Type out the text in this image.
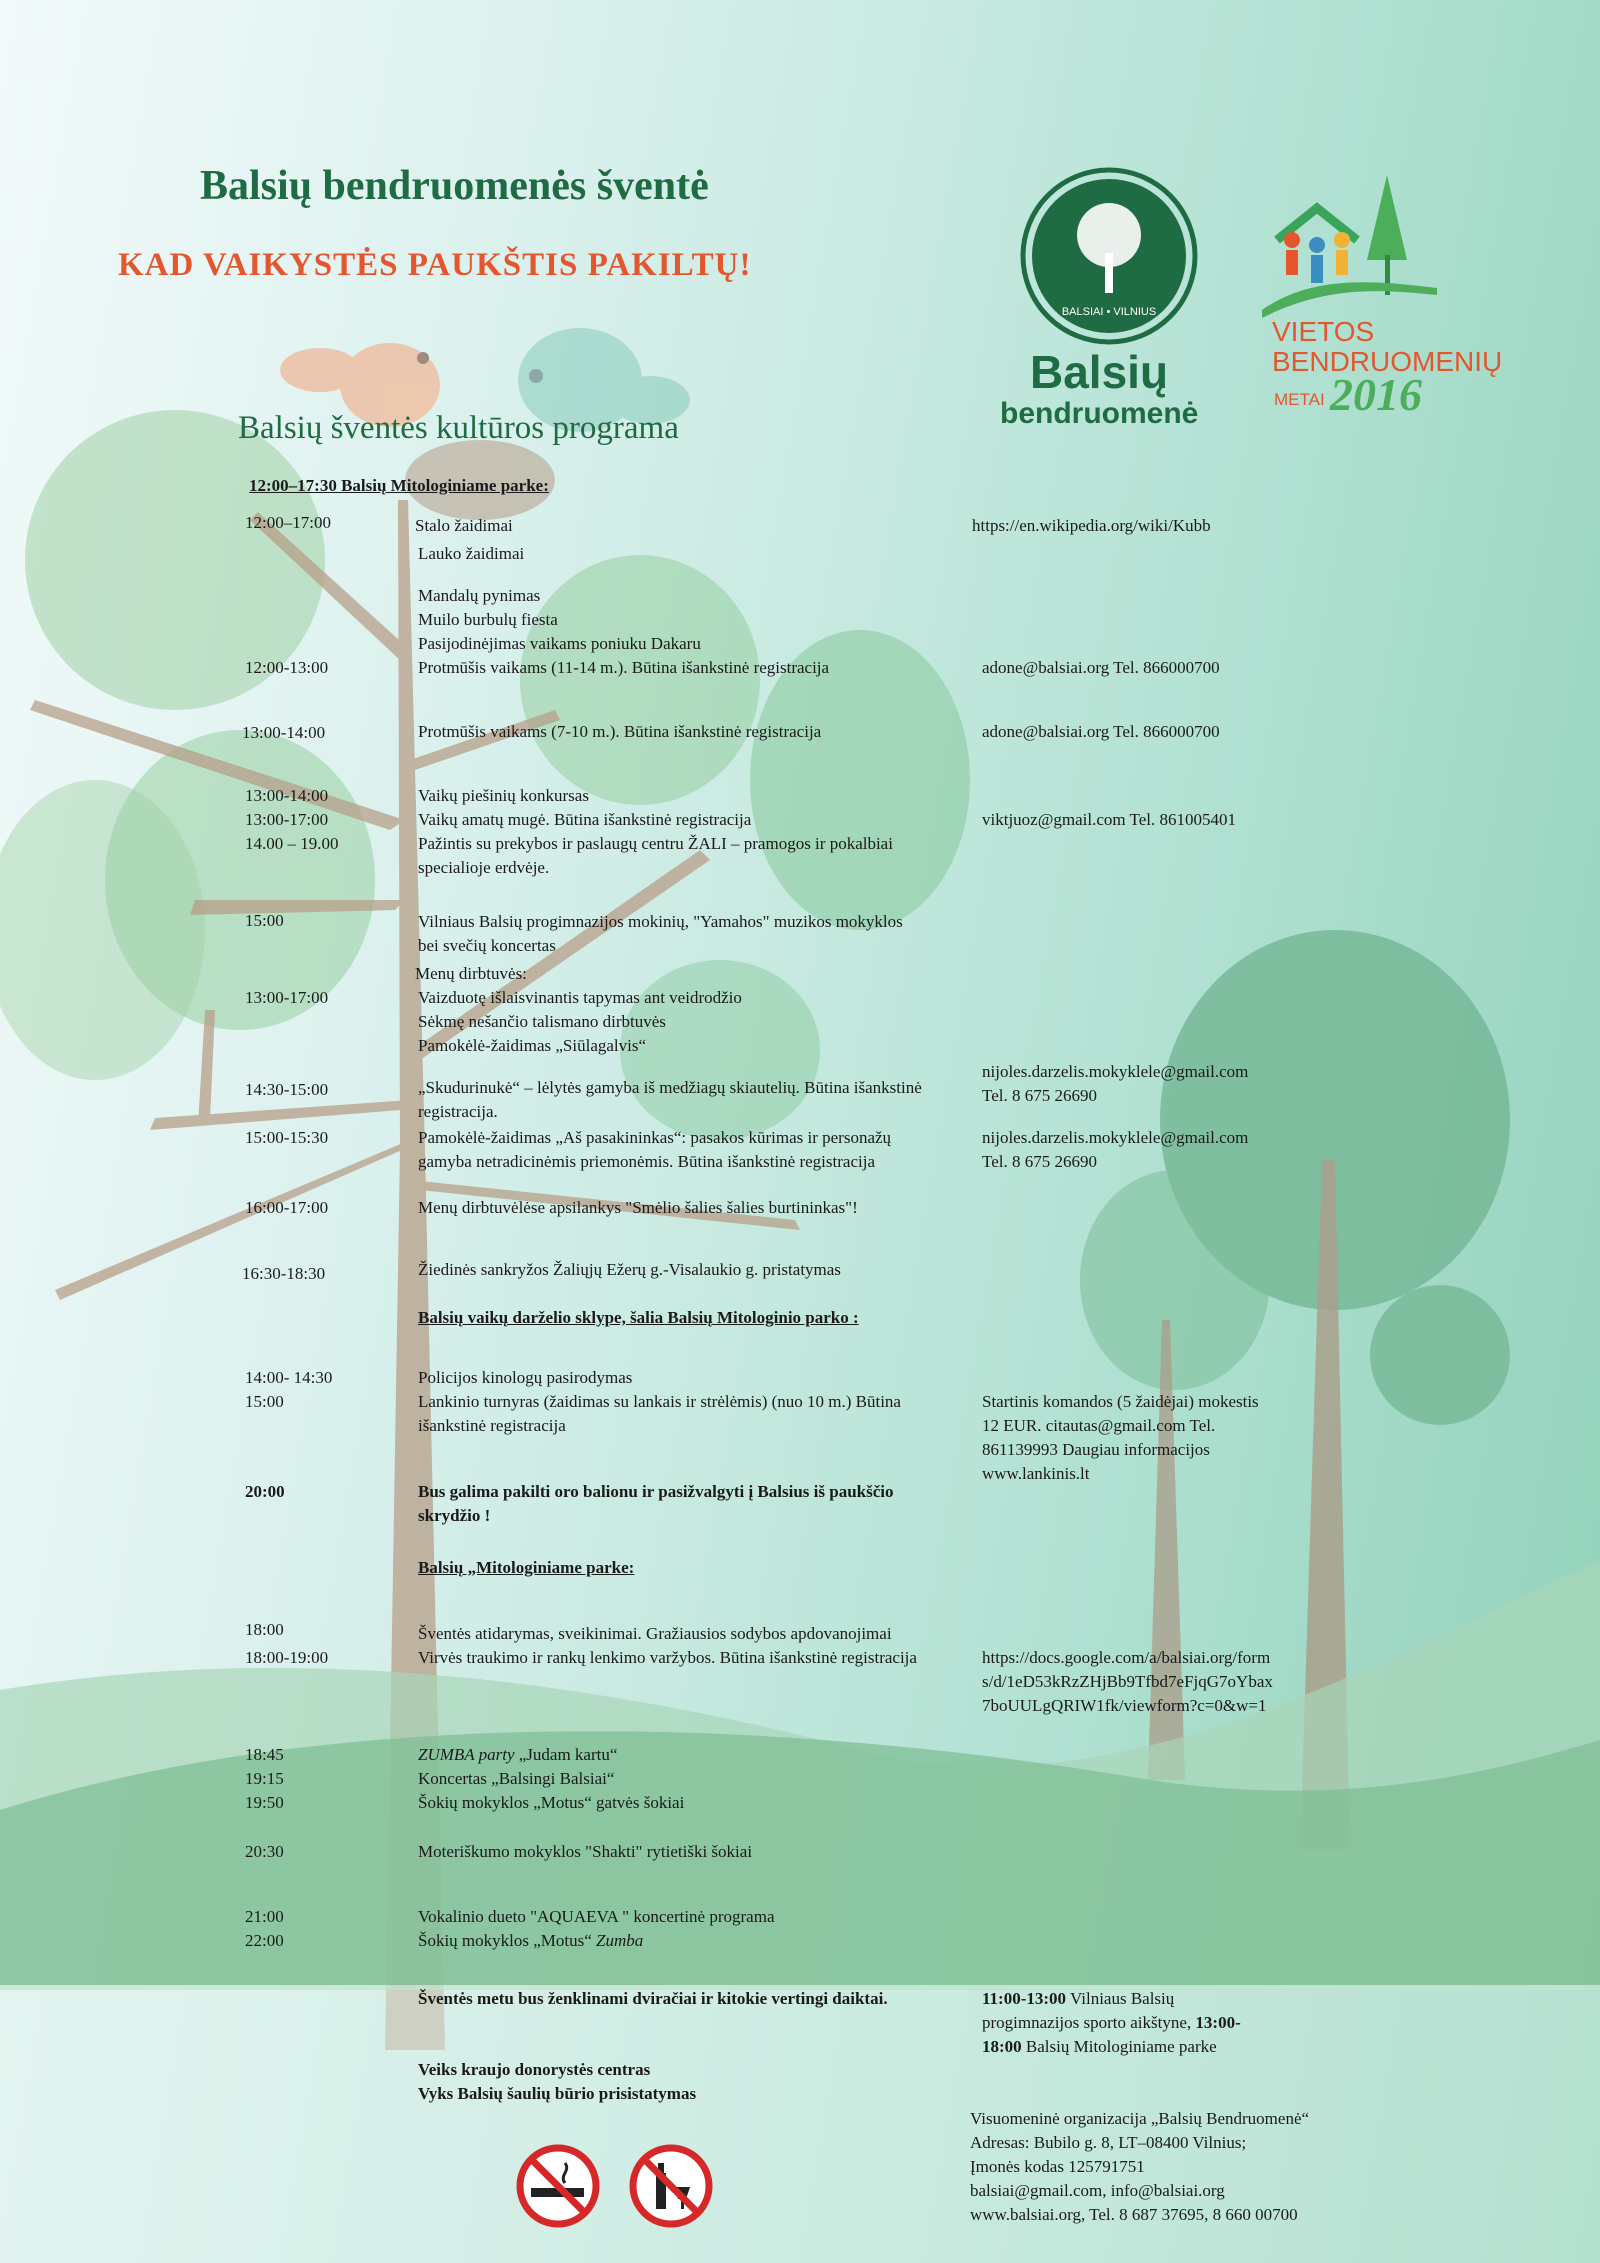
Balsių bendruomenės šventė
KAD VAIKYSTĖS PAUKŠTIS PAKILTŲ!
Balsių šventės kultūros programa
BALSIAI • VILNIUS
Balsių
bendruomenė
VIETOS
BENDRUOMENIŲ
METAI 2016
12:00–17:30 Balsių Mitologiniame parke:
12:00–17:00
12:00-13:00
13:00-14:00
13:00-14:00
13:00-17:00
14.00 – 19.00
15:00
13:00-17:00
14:30-15:00
15:00-15:30
16:00-17:00
16:30-18:30
14:00- 14:30
15:00
20:00
18:00
18:00-19:00
18:45
19:15
19:50
20:30
21:00
22:00
Stalo žaidimai
Lauko žaidimai
Mandalų pynimas
Muilo burbulų fiesta
Pasijodinėjimas vaikams poniuku Dakaru
Protmūšis vaikams (11-14 m.). Būtina išankstinė registracija
Protmūšis vaikams (7-10 m.). Būtina išankstinė registracija
Vaikų piešinių konkursas
Vaikų amatų mugė. Būtina išankstinė registracija
Pažintis su prekybos ir paslaugų centru ŽALI – pramogos ir pokalbiai
specialioje erdvėje.
Vilniaus Balsių progimnazijos mokinių, "Yamahos" muzikos mokyklos
bei svečių koncertas
Menų dirbtuvės:
Vaizduotę išlaisvinantis tapymas ant veidrodžio
Sėkmę nešančio talismano dirbtuvės
Pamokėlė-žaidimas „Siūlagalvis“
„Skudurinukė“ – lėlytės gamyba iš medžiagų skiautelių. Būtina išankstinė
registracija.
Pamokėlė-žaidimas „Aš pasakininkas“: pasakos kūrimas ir personažų
gamyba netradicinėmis priemonėmis. Būtina išankstinė registracija
Menų dirbtuvėlėse apsilankys "Smėlio šalies šalies burtininkas"!
Žiedinės sankryžos Žaliųjų Ežerų g.-Visalaukio g. pristatymas
Balsių vaikų darželio sklype, šalia Balsių Mitologinio parko :
Policijos kinologų pasirodymas
Lankinio turnyras (žaidimas su lankais ir strėlėmis) (nuo 10 m.) Būtina
išankstinė registracija
Bus galima pakilti oro balionu ir pasižvalgyti į Balsius iš paukščio
skrydžio !
Balsių „Mitologiniame parke:
Šventės atidarymas, sveikinimai. Gražiausios sodybos apdovanojimai
Virvės traukimo ir rankų lenkimo varžybos. Būtina išankstinė registracija
ZUMBA party „Judam kartu“
Koncertas „Balsingi Balsiai“
Šokių mokyklos „Motus“ gatvės šokiai
Moteriškumo mokyklos "Shakti" rytietiški šokiai
Vokalinio dueto "AQUAEVA " koncertinė programa
Šokių mokyklos „Motus“ Zumba
https://en.wikipedia.org/wiki/Kubb
adone@balsiai.org Tel. 866000700
adone@balsiai.org Tel. 866000700
viktjuoz@gmail.com Tel. 861005401
nijoles.darzelis.mokyklele@gmail.com
Tel. 8 675 26690
nijoles.darzelis.mokyklele@gmail.com
Tel. 8 675 26690
Startinis komandos (5 žaidėjai) mokestis
12 EUR. citautas@gmail.com Tel.
861139993 Daugiau informacijos
www.lankinis.lt
https://docs.google.com/a/balsiai.org/form
s/d/1eD53kRzZHjBb9Tfbd7eFjqG7oYbax
7boUULgQRIW1fk/viewform?c=0&w=1
Šventės metu bus ženklinami dviračiai ir kitokie vertingi daiktai.
Veiks kraujo donorystės centras
Vyks Balsių šaulių būrio prisistatymas
11:00-13:00 Vilniaus Balsių
progimnazijos sporto aikštyne, 13:00-
18:00 Balsių Mitologiniame parke
Visuomeninė organizacija „Balsių Bendruomenė“
Adresas: Bubilo g. 8, LT–08400 Vilnius;
Įmonės kodas 125791751
balsiai@gmail.com, info@balsiai.org
www.balsiai.org, Tel. 8 687 37695, 8 660 00700
